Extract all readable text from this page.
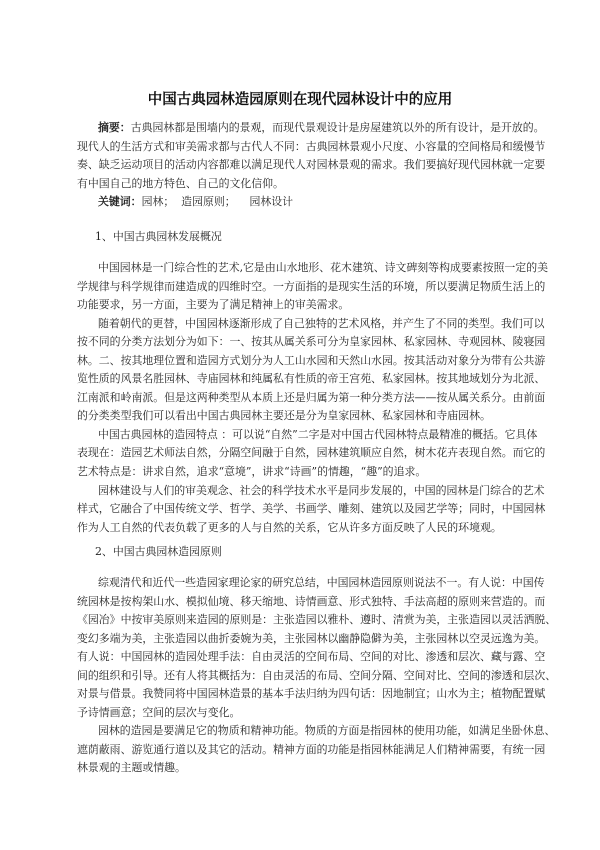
中国古典园林造园原则在现代园林设计中的应用
摘要：古典园林都是围墙内的景观，而现代景观设计是房屋建筑以外的所有设计，是开放的。
现代人的生活方式和审美需求都与古代人不同：古典园林景观小尺度、小容量的空间格局和缓慢节
奏、缺乏运动项目的活动内容都难以满足现代人对园林景观的需求。我们要搞好现代园林就一定要
有中国自己的地方特色、自己的文化信仰。
关键词：园林；  造园原则；    园林设计
1、中国古典园林发展概况
中国园林是一门综合性的艺术,它是由山水地形、花木建筑、诗文碑刻等构成要素按照一定的美
学规律与科学规律而建造成的四维时空。一方面指的是现实生活的环境，所以要满足物质生活上的
功能要求，另一方面，主要为了满足精神上的审美需求。
随着朝代的更替，中国园林逐渐形成了自己独特的艺术风格，并产生了不同的类型。我们可以
按不同的分类方法划分为如下：一、按其从属关系可分为皇家园林、私家园林、寺观园林、陵寝园
林。二、按其地理位置和造园方式划分为人工山水园和天然山水园。按其活动对象分为带有公共游
览性质的风景名胜园林、寺庙园林和纯属私有性质的帝王宫苑、私家园林。按其地域划分为北派、
江南派和岭南派。但是这两种类型从本质上还是归属为第一种分类方法——按从属关系分。由前面
的分类类型我们可以看出中国古典园林主要还是分为皇家园林、私家园林和寺庙园林。
中国古典园林的造园特点 ：可以说“自然”二字是对中国古代园林特点最精准的概括。它具体
表现在：造园艺术师法自然，分隔空间融于自然，园林建筑顺应自然，树木花卉表现自然。而它的
艺术特点是：讲求自然，追求“意境”，讲求“诗画”的情趣，“趣”的追求。
园林建设与人们的审美观念、社会的科学技术水平是同步发展的，中国的园林是门综合的艺术
样式，它融合了中国传统文学、哲学、美学、书画学、雕刻、建筑以及园艺学等；同时，中国园林
作为人工自然的代表负载了更多的人与自然的关系，它从许多方面反映了人民的环境观。
2、中国古典园林造园原则
综观清代和近代一些造园家理论家的研究总结，中国园林造园原则说法不一。有人说：中国传
统园林是按构架山水、模拟仙境、移天缩地、诗情画意、形式独特、手法高超的原则来营造的。而
《园冶》中按审美原则来造园的原则是：主张造园以雅朴、遵时、清赏为美，主张造园以灵活洒脱、
变幻多端为美，主张造园以曲折委婉为美，主张园林以幽静隐僻为美，主张园林以空灵远逸为美。
有人说：中国园林的造园处理手法：自由灵活的空间布局、空间的对比、渗透和层次、藏与露、空
间的组织和引导。还有人将其概括为：自由灵活的布局、空间分隔、空间对比、空间的渗透和层次、
对景与借景。我赞同将中国园林造景的基本手法归纳为四句话：因地制宜；山水为主；植物配置赋
予诗情画意；空间的层次与变化。
园林的造园是要满足它的物质和精神功能。物质的方面是指园林的使用功能，如满足坐卧休息、
遮荫蔽雨、游览通行道以及其它的活动。精神方面的功能是指园林能满足人们精神需要，有统一园
林景观的主题或情趣。
